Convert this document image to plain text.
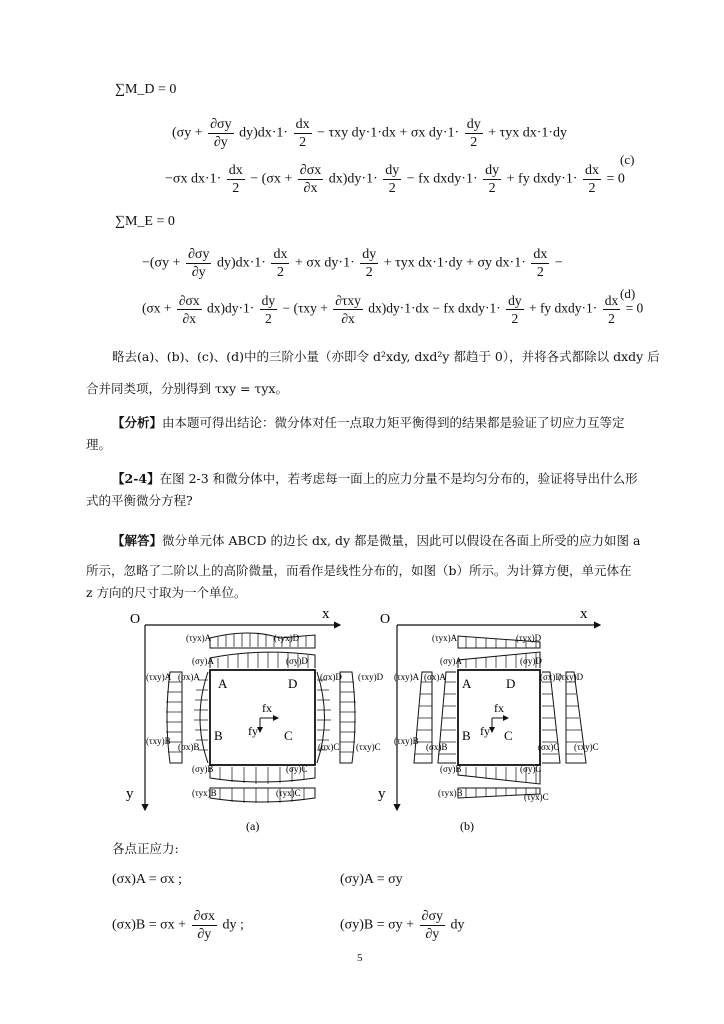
∑M_D = 0
$(\sigma y + \frac{\partial\sigma y}{\partial y} dy)dx\cdot 1\cdot \frac{dx}{2} - \tau xy$ dy·1·dx + σx $dy\cdot 1\cdot \frac{dy}{2} + \tau yx$ dx·1·dy
(c)
−σx $dx\cdot 1\cdot \frac{dx}{2} - (\sigma x + \frac{\partial\sigma x}{\partial x} dx)dy\cdot 1\cdot \frac{dy}{2}$ − fx dxdy·1· $\frac{dy}{2}$ + fy dxdy·1· $\frac{dx}{2} = 0$
∑M_E = 0
$-(\sigma y + \frac{\partial\sigma y}{\partial y} dy)dx\cdot 1\cdot \frac{dx}{2} + \sigma x$ $dy\cdot 1\cdot \frac{dy}{2} + \tau yx$ dx·1·dy + σy $dx\cdot 1\cdot \frac{dx}{2}$ −
(d)
$(\sigma x + \frac{\partial\sigma x}{\partial x} dx)dy\cdot 1\cdot \frac{dy}{2} - (\tau xy + \frac{\text{∂τxy}}{\partial x} dx)dy\cdot 1\cdot dx$ − fx dxdy·1· $\frac{dy}{2}$ + fy dxdy·1· $\frac{dx}{2} = 0$
略去(a)、(b)、(c)、(d)中的三阶小量（亦即令 d²xdy, dxd²y 都趋于 0），并将各式都除以 dxdy 后
合并同类项，分别得到 τxy = τyx。
【分析】由本题可得出结论：微分体对任一点取力矩平衡得到的结果都是验证了切应力互等定
理。
【2-4】在图 2-3 和微分体中，若考虑每一面上的应力分量不是均匀分布的，验证将导出什么形
式的平衡微分方程?
【解答】微分单元体 ABCD 的边长 dx, dy 都是微量，因此可以假设在各面上所受的应力如图 a
所示，忽略了二阶以上的高阶微量，而看作是线性分布的，如图（b）所示。为计算方便，单元体在
z 方向的尺寸取为一个单位。
O	x
y
A	D
B	C
fx
fy
(τyx)A	(τyx)D
(σy)A	(σy)D
(τxy)A (σx)A	(σx)D (τxy)D
(τxy)B
(σx)B	(σx)C (τxy)C
(σy)B	(σy)C
(τyx)B	(τyx)C
(a)
O	x
y
A	D
B	C
fx
fy
(τyx)A	(τyx)D
(σy)A	(σy)D
(τxy)A (σx)A	(σx)D
(τxy)D
(τxy)B
(σx)B	(σx)C (τxy)C
(σy)B	(σy)C
(τyx)B	(τyx)C
(b)
各点正应力:
(σx)A = σx ;	(σy)A = σy
$(\sigma x)B = \sigma x + \frac{\partial\sigma x}{\partial y}$ dy ;	$(\sigma y)B = \sigma y + \frac{\partial\sigma y}{\partial y}$ dy
5
